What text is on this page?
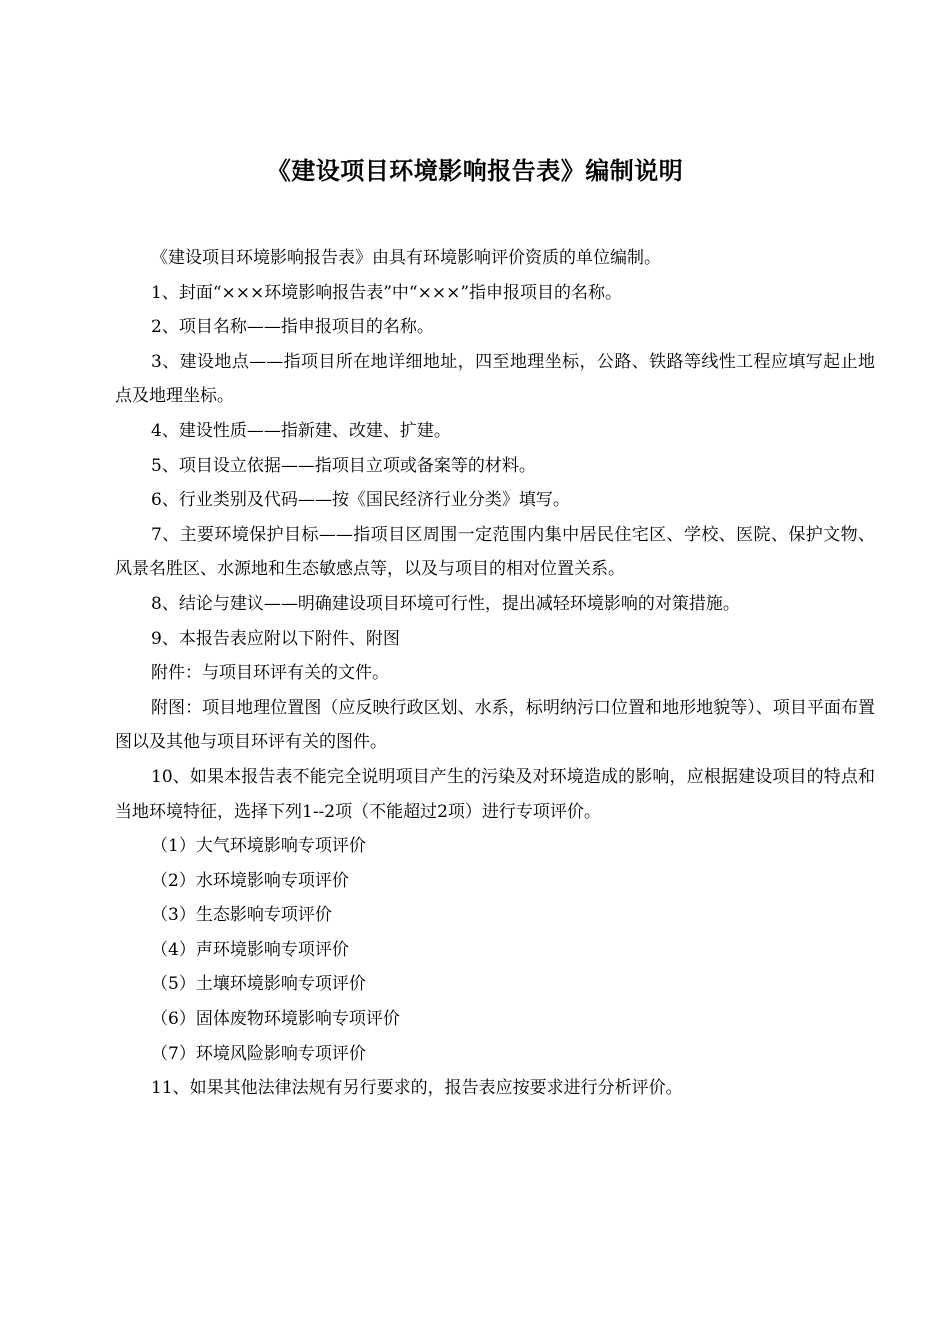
《建设项目环境影响报告表》编制说明

《建设项目环境影响报告表》由具有环境影响评价资质的单位编制。

1、封面“×××环境影响报告表”中“×××”指申报项目的名称。

2、项目名称——指申报项目的名称。

3、建设地点——指项目所在地详细地址，四至地理坐标，公路、铁路等线性工程应填写起止地点及地理坐标。

4、建设性质——指新建、改建、扩建。

5、项目设立依据——指项目立项或备案等的材料。

6、行业类别及代码——按《国民经济行业分类》填写。

7、主要环境保护目标——指项目区周围一定范围内集中居民住宅区、学校、医院、保护文物、风景名胜区、水源地和生态敏感点等，以及与项目的相对位置关系。

8、结论与建议——明确建设项目环境可行性，提出减轻环境影响的对策措施。

9、本报告表应附以下附件、附图

附件：与项目环评有关的文件。

附图：项目地理位置图（应反映行政区划、水系，标明纳污口位置和地形地貌等）、项目平面布置图以及其他与项目环评有关的图件。

10、如果本报告表不能完全说明项目产生的污染及对环境造成的影响，应根据建设项目的特点和当地环境特征，选择下列1--2项（不能超过2项）进行专项评价。

（1）大气环境影响专项评价

（2）水环境影响专项评价

（3）生态影响专项评价

（4）声环境影响专项评价

（5）土壤环境影响专项评价

（6）固体废物环境影响专项评价

（7）环境风险影响专项评价

11、如果其他法律法规有另行要求的，报告表应按要求进行分析评价。
